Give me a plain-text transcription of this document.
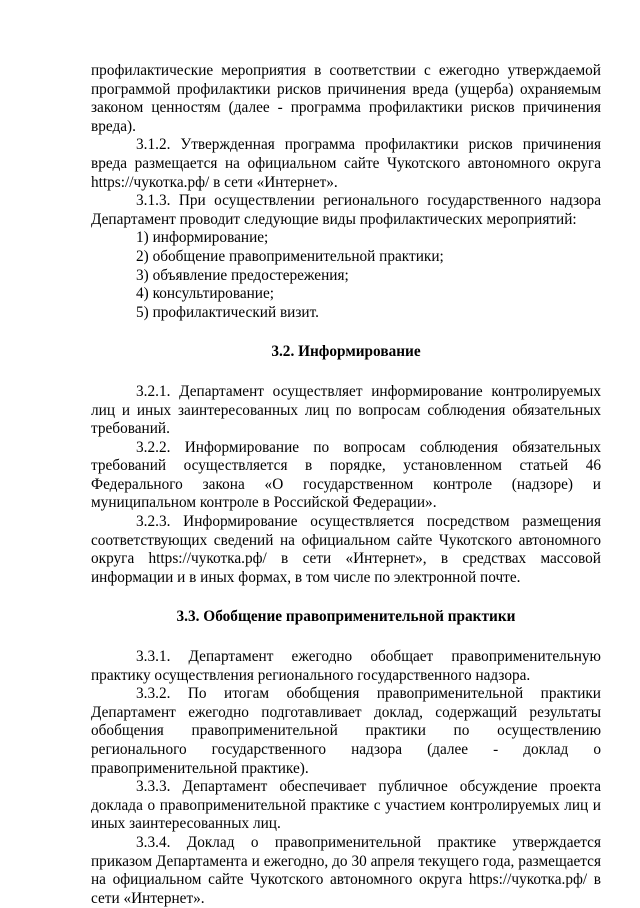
профилактические мероприятия в соответствии с ежегодно утверждаемой программой профилактики рисков причинения вреда (ущерба) охраняемым законом ценностям (далее - программа профилактики рисков причинения вреда).

3.1.2. Утвержденная программа профилактики рисков причинения вреда размещается на официальном сайте Чукотского автономного округа https://чукотка.рф/ в сети «Интернет».

3.1.3. При осуществлении регионального государственного надзора Департамент проводит следующие виды профилактических мероприятий:

1) информирование;

2) обобщение правоприменительной практики;

3) объявление предостережения;

4) консультирование;

5) профилактический визит.

3.2. Информирование

3.2.1. Департамент осуществляет информирование контролируемых лиц и иных заинтересованных лиц по вопросам соблюдения обязательных требований.

3.2.2. Информирование по вопросам соблюдения обязательных требований осуществляется в порядке, установленном статьей 46 Федерального закона «О государственном контроле (надзоре) и муниципальном контроле в Российской Федерации».

3.2.3. Информирование осуществляется посредством размещения соответствующих сведений на официальном сайте Чукотского автономного округа https://чукотка.рф/ в сети «Интернет», в средствах массовой информации и в иных формах, в том числе по электронной почте.

3.3. Обобщение правоприменительной практики

3.3.1. Департамент ежегодно обобщает правоприменительную практику осуществления регионального государственного надзора.

3.3.2. По итогам обобщения правоприменительной практики Департамент ежегодно подготавливает доклад, содержащий результаты обобщения правоприменительной практики по осуществлению регионального государственного надзора (далее - доклад о правоприменительной практике).

3.3.3. Департамент обеспечивает публичное обсуждение проекта доклада о правоприменительной практике с участием контролируемых лиц и иных заинтересованных лиц.

3.3.4. Доклад о правоприменительной практике утверждается приказом Департамента и ежегодно, до 30 апреля текущего года, размещается на официальном сайте Чукотского автономного округа https://чукотка.рф/ в сети «Интернет».
